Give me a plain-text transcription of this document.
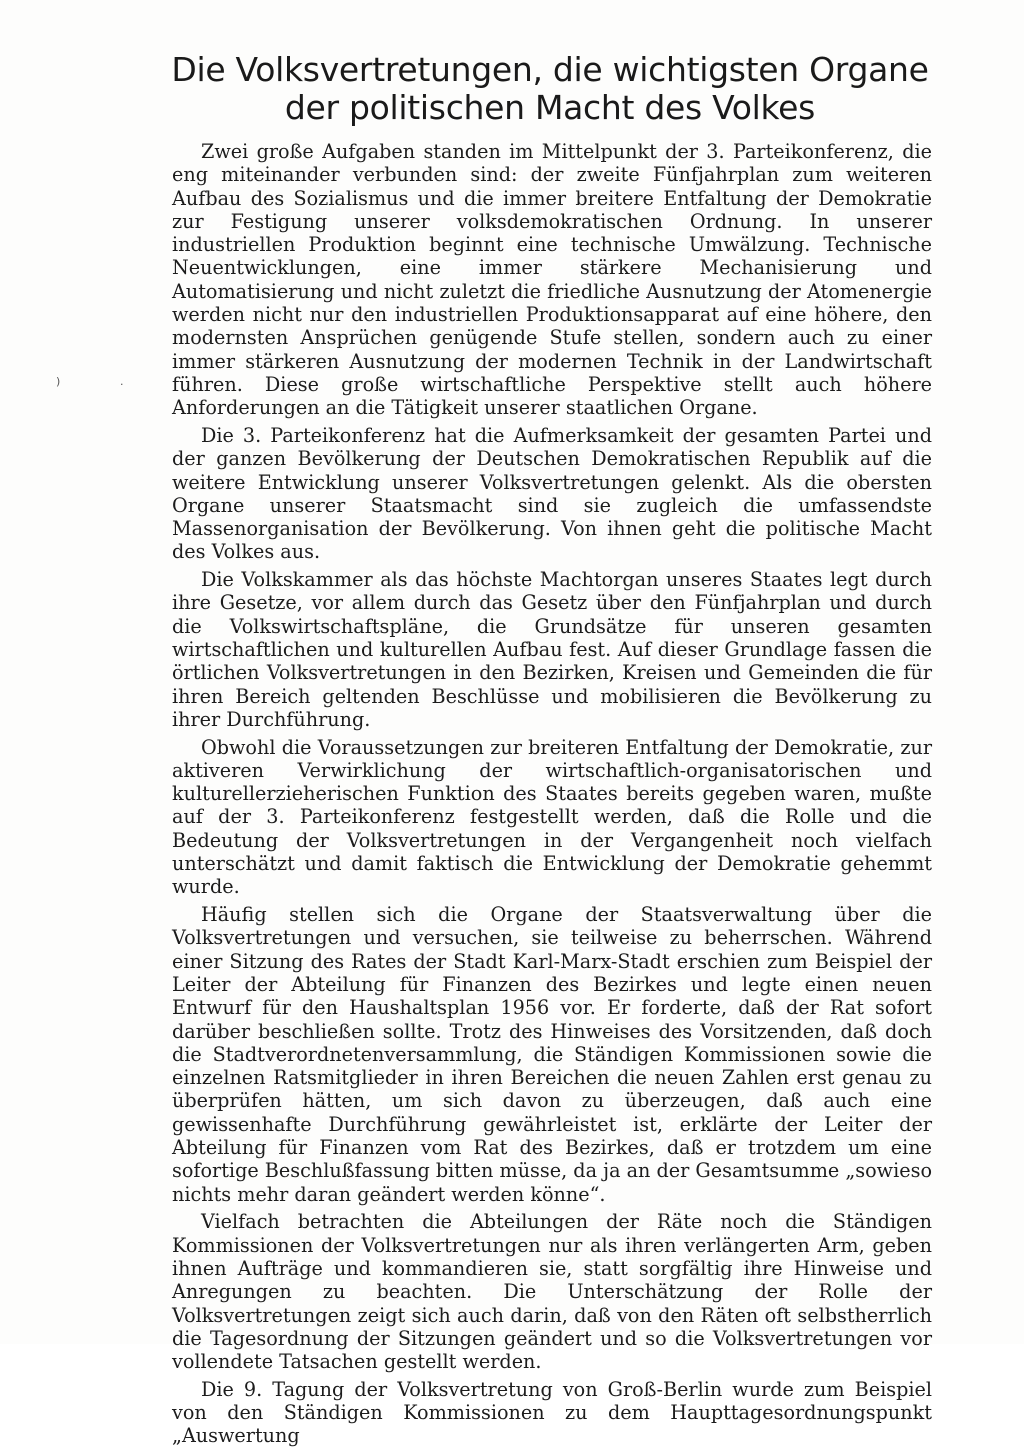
Die Volksvertretungen, die wichtigsten Organe
der politischen Macht des Volkes
)	·

Zwei große Aufgaben standen im Mittelpunkt der 3. Parteikonferenz, die eng miteinander verbunden sind: der zweite Fünfjahrplan zum weiteren Aufbau des Sozialismus und die immer breitere Entfaltung der Demokratie zur Festigung unserer volksdemokratischen Ordnung. In unserer industriellen Produktion beginnt eine technische Umwälzung. Technische Neuentwicklungen, eine immer stärkere Mechanisierung und Automatisierung und nicht zuletzt die friedliche Ausnutzung der Atomenergie werden nicht nur den industriellen Produktionsapparat auf eine höhere, den modernsten Ansprüchen genügende Stufe stellen, sondern auch zu einer immer stärkeren Ausnutzung der modernen Technik in der Landwirtschaft führen. Diese große wirtschaftliche Perspektive stellt auch höhere Anforderungen an die Tätigkeit unserer staatlichen Organe.

Die 3. Parteikonferenz hat die Aufmerksamkeit der gesamten Partei und der ganzen Bevölkerung der Deutschen Demokratischen Republik auf die weitere Entwicklung unserer Volksvertretungen gelenkt. Als die obersten Organe unserer Staatsmacht sind sie zugleich die umfassendste Massenorganisation der Bevölkerung. Von ihnen geht die politische Macht des Volkes aus.

Die Volkskammer als das höchste Machtorgan unseres Staates legt durch ihre Gesetze, vor allem durch das Gesetz über den Fünfjahrplan und durch die Volkswirtschaftspläne, die Grundsätze für unseren gesamten wirtschaftlichen und kulturellen Aufbau fest. Auf dieser Grundlage fassen die örtlichen Volksvertretungen in den Bezirken, Kreisen und Gemeinden die für ihren Bereich geltenden Beschlüsse und mobilisieren die Bevölkerung zu ihrer Durchführung.

Obwohl die Voraussetzungen zur breiteren Entfaltung der Demokratie, zur aktiveren Verwirklichung der wirtschaftlich-organisatorischen und kulturellerzieherischen Funktion des Staates bereits gegeben waren, mußte auf der 3. Parteikonferenz festgestellt werden, daß die Rolle und die Bedeutung der Volksvertretungen in der Vergangenheit noch vielfach unterschätzt und damit faktisch die Entwicklung der Demokratie gehemmt wurde.

Häufig stellen sich die Organe der Staatsverwaltung über die Volksvertretungen und versuchen, sie teilweise zu beherrschen. Während einer Sitzung des Rates der Stadt Karl-Marx-Stadt erschien zum Beispiel der Leiter der Abteilung für Finanzen des Bezirkes und legte einen neuen Entwurf für den Haushaltsplan 1956 vor. Er forderte, daß der Rat sofort darüber beschließen sollte. Trotz des Hinweises des Vorsitzenden, daß doch die Stadtverordnetenversammlung, die Ständigen Kommissionen sowie die einzelnen Ratsmitglieder in ihren Bereichen die neuen Zahlen erst genau zu überprüfen hätten, um sich davon zu überzeugen, daß auch eine gewissenhafte Durchführung gewährleistet ist, erklärte der Leiter der Abteilung für Finanzen vom Rat des Bezirkes, daß er trotzdem um eine sofortige Beschlußfassung bitten müsse, da ja an der Gesamtsumme „sowieso nichts mehr daran geändert werden könne“.

Vielfach betrachten die Abteilungen der Räte noch die Ständigen Kommissionen der Volksvertretungen nur als ihren verlängerten Arm, geben ihnen Aufträge und kommandieren sie, statt sorgfältig ihre Hinweise und Anregungen zu beachten. Die Unterschätzung der Rolle der Volksvertretungen zeigt sich auch darin, daß von den Räten oft selbstherrlich die Tagesordnung der Sitzungen geändert und so die Volksvertretungen vor vollendete Tatsachen gestellt werden.

Die 9. Tagung der Volksvertretung von Groß-Berlin wurde zum Beispiel von den Ständigen Kommissionen zu dem Haupttagesordnungspunkt „Auswertung
